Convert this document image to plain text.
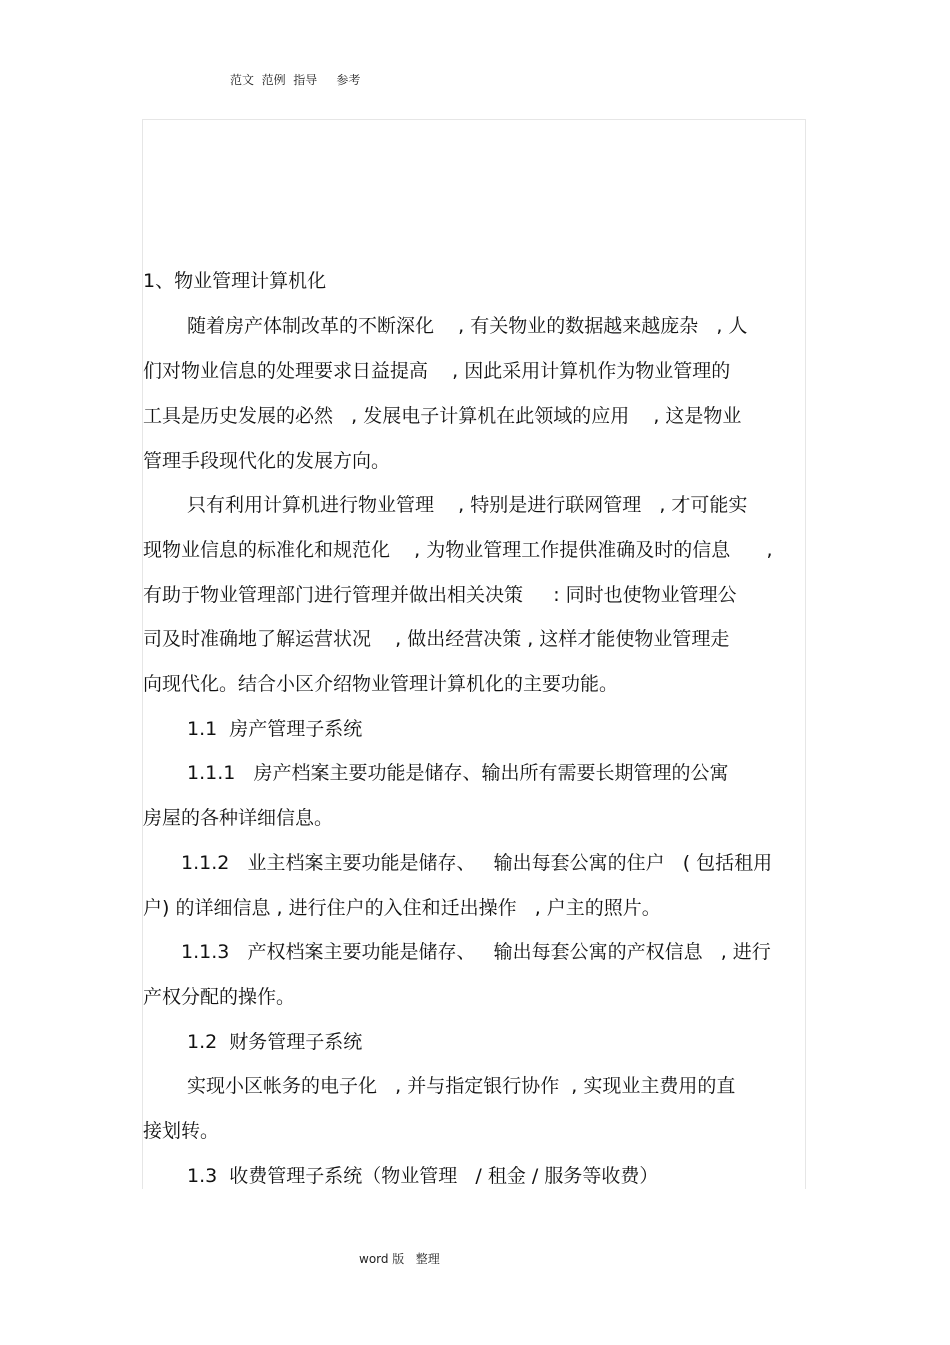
范文  范例  指导     参考
1、物业管理计算机化
随着房产体制改革的不断深化    , 有关物业的数据越来越庞杂   , 人
们对物业信息的处理要求日益提高    , 因此采用计算机作为物业管理的
工具是历史发展的必然   , 发展电子计算机在此领域的应用    , 这是物业
管理手段现代化的发展方向。
只有利用计算机进行物业管理    , 特别是进行联网管理   , 才可能实
现物业信息的标准化和规范化    , 为物业管理工作提供准确及时的信息      ,
有助于物业管理部门进行管理并做出相关决策     : 同时也使物业管理公
司及时准确地了解运营状况    , 做出经营决策 , 这样才能使物业管理走
向现代化。结合小区介绍物业管理计算机化的主要功能。
1.1  房产管理子系统
1.1.1   房产档案主要功能是储存、输出所有需要长期管理的公寓
房屋的各种详细信息。
1.1.2   业主档案主要功能是储存、   输出每套公寓的住户   ( 包括租用
户) 的详细信息 , 进行住户的入住和迁出操作   , 户主的照片。
1.1.3   产权档案主要功能是储存、   输出每套公寓的产权信息   , 进行
产权分配的操作。
1.2  财务管理子系统
实现小区帐务的电子化   , 并与指定银行协作  , 实现业主费用的直
接划转。
1.3  收费管理子系统（物业管理   / 租金 / 服务等收费）
word 版   整理
